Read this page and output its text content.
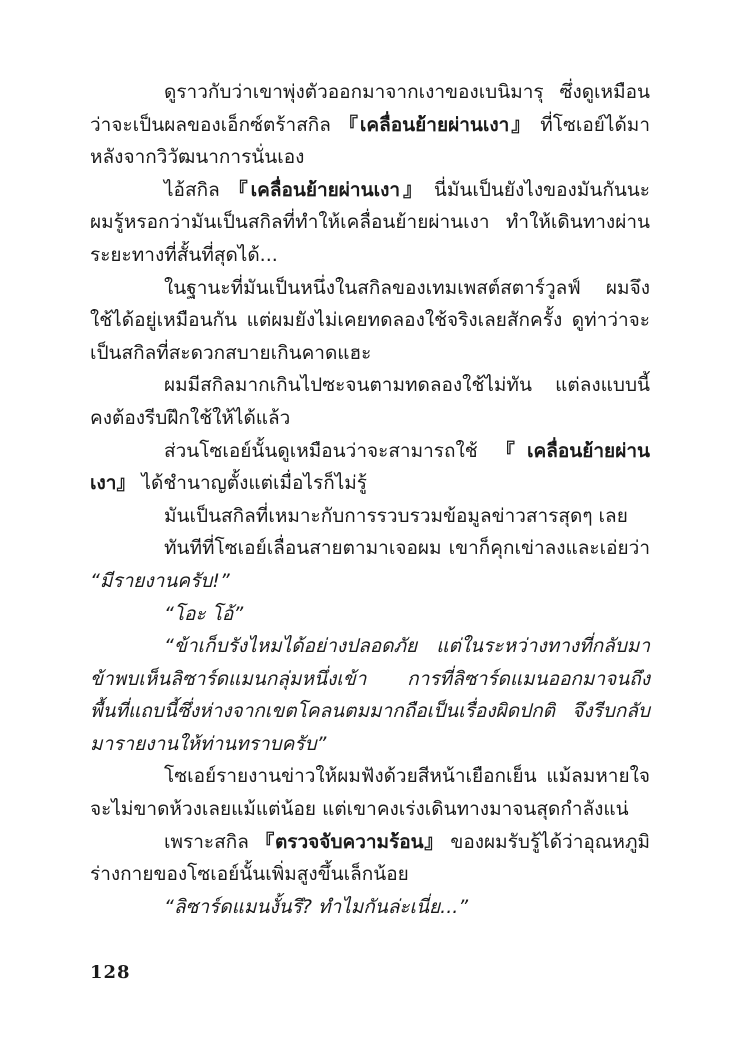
ดูราวกับว่าเขาพุ่งตัวออกมาจากเงาของเบนิมารุ ซึ่งดูเหมือนว่าจะเป็นผลของเอ็กซ์ตร้าสกิล 『เคลื่อนย้ายผ่านเงา』 ที่โซเอย์ได้มาหลังจากวิวัฒนาการนั่นเอง

ไอ้สกิล 『เคลื่อนย้ายผ่านเงา』 นี่มันเป็นยังไงของมันกันนะ ผมรู้หรอกว่ามันเป็นสกิลที่ทำให้เคลื่อนย้ายผ่านเงา ทำให้เดินทางผ่านระยะทางที่สั้นที่สุดได้...

ในฐานะที่มันเป็นหนึ่งในสกิลของเทมเพสต์สตาร์วูลฟ์ ผมจึงใช้ได้อยู่เหมือนกัน แต่ผมยังไม่เคยทดลองใช้จริงเลยสักครั้ง ดูท่าว่าจะเป็นสกิลที่สะดวกสบายเกินคาดแฮะ

ผมมีสกิลมากเกินไปซะจนตามทดลองใช้ไม่ทัน แต่ลงแบบนี้คงต้องรีบฝึกใช้ให้ได้แล้ว

ส่วนโซเอย์นั้นดูเหมือนว่าจะสามารถใช้ 『เคลื่อนย้ายผ่านเงา』 ได้ชำนาญตั้งแต่เมื่อไรก็ไม่รู้

มันเป็นสกิลที่เหมาะกับการรวบรวมข้อมูลข่าวสารสุดๆ เลย

ทันทีที่โซเอย์เลื่อนสายตามาเจอผม เขาก็คุกเข่าลงและเอ่ยว่า “มีรายงานครับ!”

“โอะ โอ้”

“ข้าเก็บรังไหมได้อย่างปลอดภัย แต่ในระหว่างทางที่กลับมาข้าพบเห็นลิซาร์ดแมนกลุ่มหนึ่งเข้า การที่ลิซาร์ดแมนออกมาจนถึงพื้นที่แถบนี้ซึ่งห่างจากเขตโคลนตมมากถือเป็นเรื่องผิดปกติ จึงรีบกลับมารายงานให้ท่านทราบครับ”

โซเอย์รายงานข่าวให้ผมฟังด้วยสีหน้าเยือกเย็น แม้ลมหายใจจะไม่ขาดห้วงเลยแม้แต่น้อย แต่เขาคงเร่งเดินทางมาจนสุดกำลังแน่

เพราะสกิล 『ตรวจจับความร้อน』 ของผมรับรู้ได้ว่าอุณหภูมิร่างกายของโซเอย์นั้นเพิ่มสูงขึ้นเล็กน้อย

“ลิซาร์ดแมนงั้นรึ? ทำไมกันล่ะเนี่ย...”

128
